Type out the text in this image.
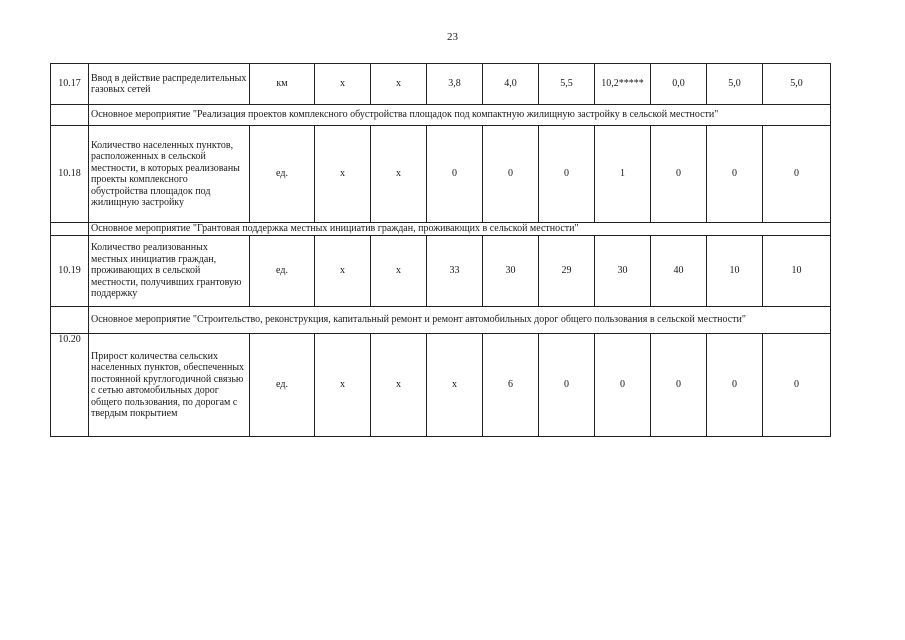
23
10.17	Ввод в действие распределительных газовых сетей	км	х	х	3,8	4,0	5,5	10,2*****	0,0	5,0	5,0
	Основное мероприятие "Реализация проектов комплексного обустройства площадок под компактную жилищную застройку в сельской местности"										
10.18	Количество населенных пунктов, расположенных в сельской местности, в которых реализованы проекты комплексного обустройства площадок под жилищную застройку	ед.	х	х	0	0	0	1	0	0	0
	Основное мероприятие "Грантовая поддержка местных инициатив граждан, проживающих в сельской местности"										
10.19	Количество реализованных местных инициатив граждан, проживающих в сельской местности, получивших грантовую поддержку	ед.	х	х	33	30	29	30	40	10	10
	Основное мероприятие "Строительство, реконструкция, капитальный ремонт и ремонт автомобильных дорог общего пользования в сельской местности"										
10.20	Прирост количества сельских населенных пунктов, обеспеченных постоянной круглогодичной связью с сетью автомобильных дорог общего пользования, по дорогам с твердым покрытием	ед.	х	х	х	6	0	0	0	0	0
